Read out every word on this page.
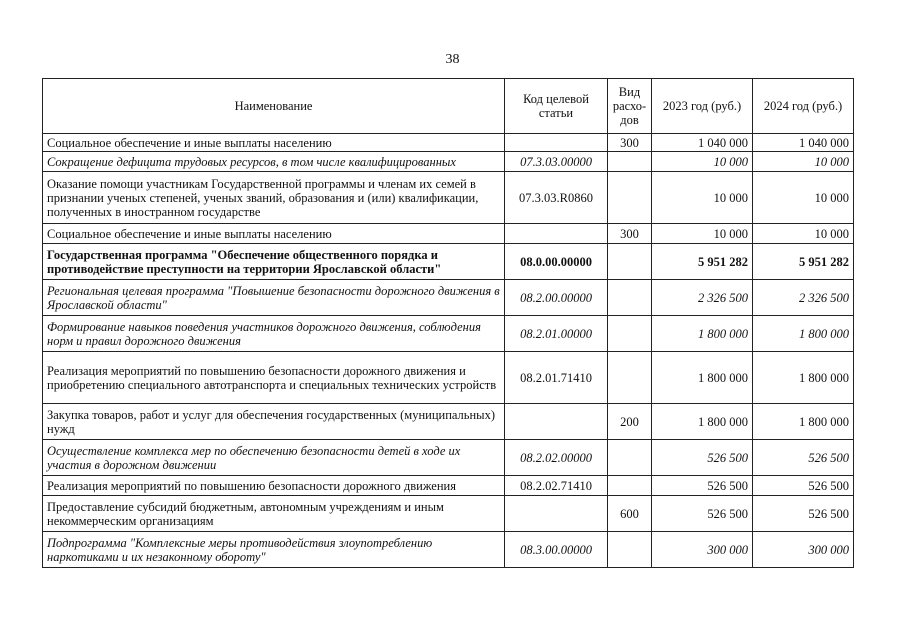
38
Наименование	Код целевой статьи	Вид расхо-дов	2023 год (руб.)	2024 год (руб.)
Социальное обеспечение и иные выплаты населению		300	1 040 000	1 040 000
Сокращение дефицита трудовых ресурсов, в том числе квалифицированных	07.3.03.00000		10 000	10 000
Оказание помощи участникам Государственной программы и членам их семей в признании ученых степеней, ученых званий, образования и (или) квалификации, полученных в иностранном государстве	07.3.03.R0860		10 000	10 000
Социальное обеспечение и иные выплаты населению		300	10 000	10 000
Государственная программа "Обеспечение общественного порядка и противодействие преступности на территории Ярославской области"	08.0.00.00000		5 951 282	5 951 282
Региональная целевая программа "Повышение безопасности дорожного движения в Ярославской области"	08.2.00.00000		2 326 500	2 326 500
Формирование навыков поведения участников дорожного движения, соблюдения норм и правил дорожного движения	08.2.01.00000		1 800 000	1 800 000
Реализация мероприятий по повышению безопасности дорожного движения и приобретению специального автотранспорта и специальных технических устройств	08.2.01.71410		1 800 000	1 800 000
Закупка товаров, работ и услуг для обеспечения государственных (муниципальных) нужд		200	1 800 000	1 800 000
Осуществление комплекса мер по обеспечению безопасности детей в ходе их участия в дорожном движении	08.2.02.00000		526 500	526 500
Реализация мероприятий по повышению безопасности дорожного движения	08.2.02.71410		526 500	526 500
Предоставление субсидий бюджетным, автономным учреждениям и иным некоммерческим организациям		600	526 500	526 500
Подпрограмма "Комплексные меры противодействия злоупотреблению наркотиками и их незаконному обороту"	08.3.00.00000		300 000	300 000
